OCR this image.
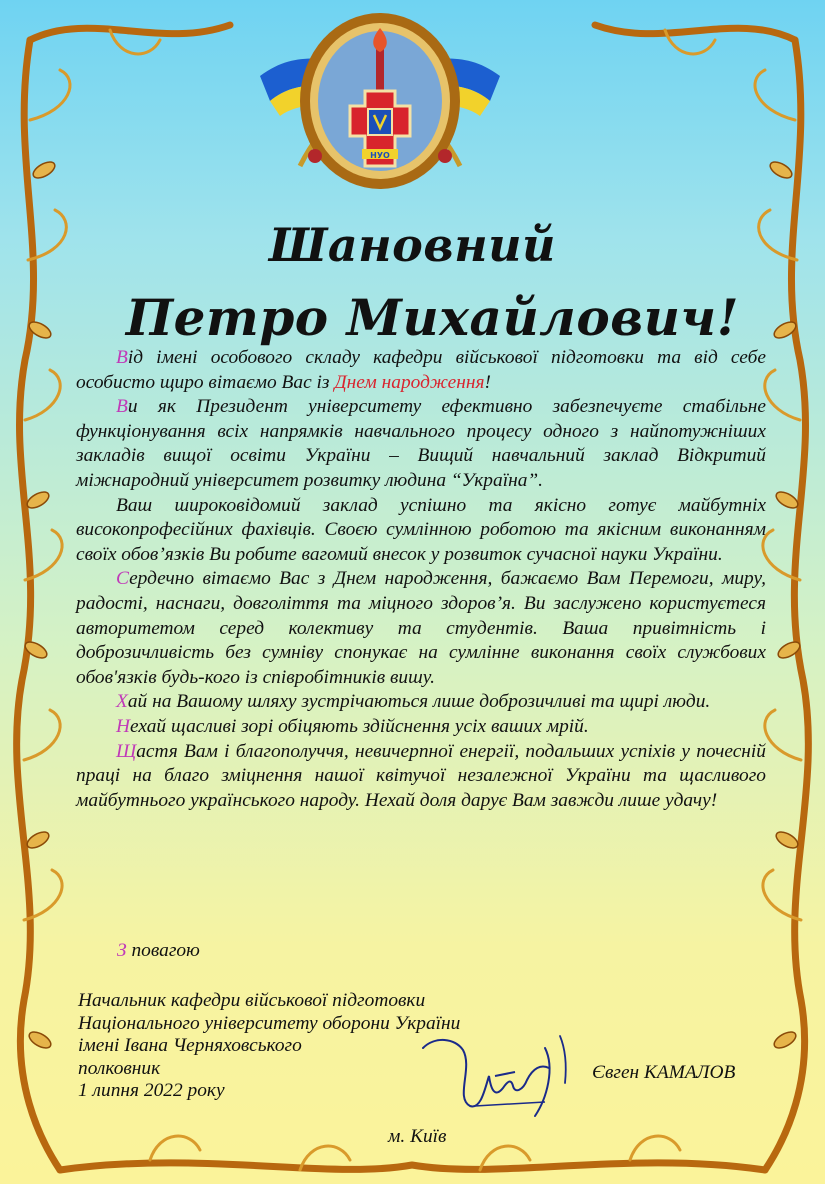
НУО
Шановний
Петро Михайлович!

Від імені особового складу кафедри військової підготовки та від себе особисто щиро вітаємо Вас із Днем народження!

Ви як Президент університету ефективно забезпечуєте стабільне функціонування всіх напрямків навчального процесу одного з найпотужніших закладів вищої освіти України – Вищий навчальний заклад Відкритий міжнародний університет розвитку людина “Україна”.

Ваш широковідомий заклад успішно та якісно готує майбутніх високопрофесійних фахівців. Своєю сумлінною роботою та якісним виконанням своїх обов’язків Ви робите вагомий внесок у розвиток сучасної науки України.

Сердечно вітаємо Вас з Днем народження, бажаємо Вам Перемоги, миру, радості, наснаги, довголіття та міцного здоров’я. Ви заслужено користуєтеся авторитетом серед колективу та студентів. Ваша привітність і доброзичливість без сумніву спонукає на сумлінне виконання своїх службових обов'язків будь-кого із співробітників вишу.

Хай на Вашому шляху зустрічаються лише доброзичливі та щирі люди.

Нехай щасливі зорі обіцяють здійснення усіх ваших мрій.

Щастя Вам і благополуччя, невичерпної енергії, подальших успіхів у почесній праці на благо зміцнення нашої квітучої незалежної України та щасливого майбутнього українського народу. Нехай доля дарує Вам завжди лише удачу!

З повагою
Начальник кафедри військової підготовки
Національного університету оборони України
імені Івана Черняховського
полковник
1 липня 2022 року
Євген КАМАЛОВ
м. Київ
